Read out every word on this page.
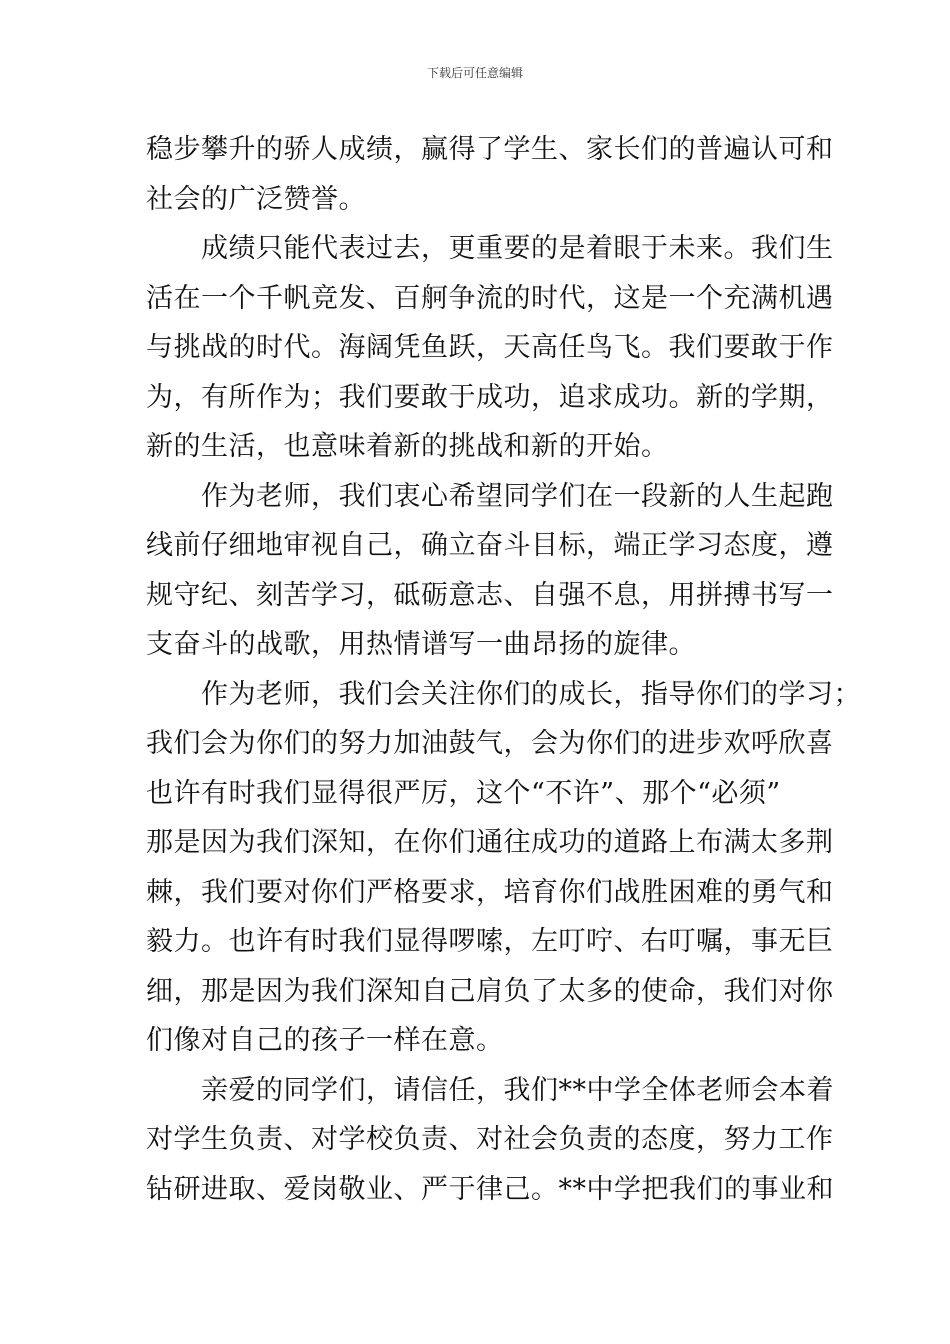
下载后可任意编辑
稳步攀升的骄人成绩，赢得了学生、家长们的普遍认可和
社会的广泛赞誉。
成绩只能代表过去，更重要的是着眼于未来。我们生
活在一个千帆竞发、百舸争流的时代，这是一个充满机遇
与挑战的时代。海阔凭鱼跃，天高任鸟飞。我们要敢于作
为，有所作为；我们要敢于成功，追求成功。新的学期，
新的生活，也意味着新的挑战和新的开始。
作为老师，我们衷心希望同学们在一段新的人生起跑
线前仔细地审视自己，确立奋斗目标，端正学习态度，遵
规守纪、刻苦学习，砥砺意志、自强不息，用拼搏书写一
支奋斗的战歌，用热情谱写一曲昂扬的旋律。
作为老师，我们会关注你们的成长，指导你们的学习；
我们会为你们的努力加油鼓气，会为你们的进步欢呼欣喜
也许有时我们显得很严厉，这个“不许”、那个“必须”
那是因为我们深知，在你们通往成功的道路上布满太多荆
棘，我们要对你们严格要求，培育你们战胜困难的勇气和
毅力。也许有时我们显得啰嗦，左叮咛、右叮嘱，事无巨
细，那是因为我们深知自己肩负了太多的使命，我们对你
们像对自己的孩子一样在意。
亲爱的同学们，请信任，我们**中学全体老师会本着
对学生负责、对学校负责、对社会负责的态度，努力工作
钻研进取、爱岗敬业、严于律己。**中学把我们的事业和
